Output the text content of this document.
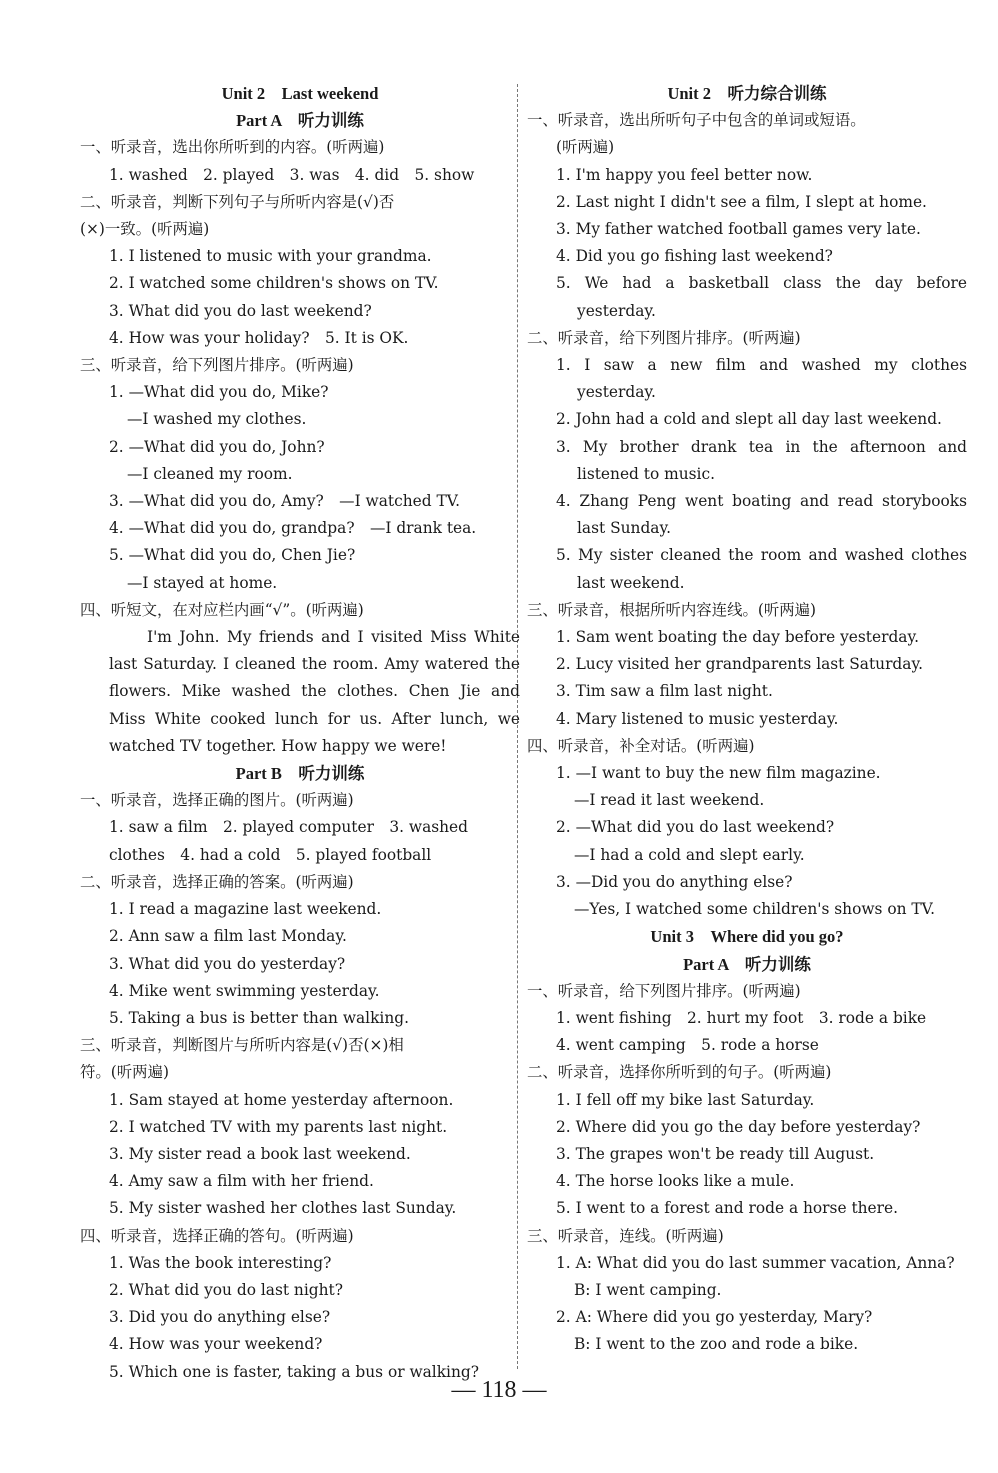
Unit 2　Last weekend
Part A　听力训练
一、听录音，选出你所听到的内容。(听两遍)
1. washed　2. played　3. was　4. did　5. show
二、听录音，判断下列句子与所听内容是(√)否
(×)一致。(听两遍)
1. I listened to music with your grandma.
2. I watched some children's shows on TV.
3. What did you do last weekend?
4. How was your holiday?　5. It is OK.
三、听录音，给下列图片排序。(听两遍)
1. —What did you do, Mike?
—I washed my clothes.
2. —What did you do, John?
—I cleaned my room.
3. —What did you do, Amy?　—I watched TV.
4. —What did you do, grandpa?　—I drank tea.
5. —What did you do, Chen Jie?
—I stayed at home.
四、听短文，在对应栏内画“√”。(听两遍)
I'm John. My friends and I visited Miss White last Saturday. I cleaned the room. Amy watered the flowers. Mike washed the clothes. Chen Jie and Miss White cooked lunch for us. After lunch, we watched TV together. How happy we were!
Part B　听力训练
一、听录音，选择正确的图片。(听两遍)
1. saw a film　2. played computer　3. washed
clothes　4. had a cold　5. played football
二、听录音，选择正确的答案。(听两遍)
1. I read a magazine last weekend.
2. Ann saw a film last Monday.
3. What did you do yesterday?
4. Mike went swimming yesterday.
5. Taking a bus is better than walking.
三、听录音，判断图片与所听内容是(√)否(×)相
符。(听两遍)
1. Sam stayed at home yesterday afternoon.
2. I watched TV with my parents last night.
3. My sister read a book last weekend.
4. Amy saw a film with her friend.
5. My sister washed her clothes last Sunday.
四、听录音，选择正确的答句。(听两遍)
1. Was the book interesting?
2. What did you do last night?
3. Did you do anything else?
4. How was your weekend?
5. Which one is faster, taking a bus or walking?
Unit 2　听力综合训练
一、听录音，选出所听句子中包含的单词或短语。
(听两遍)
1. I'm happy you feel better now.
2. Last night I didn't see a film, I slept at home.
3. My father watched football games very late.
4. Did you go fishing last weekend?
5. We had a basketball class the day before
yesterday.
二、听录音，给下列图片排序。(听两遍)
1. I saw a new film and washed my clothes
yesterday.
2. John had a cold and slept all day last weekend.
3. My brother drank tea in the afternoon and
listened to music.
4. Zhang Peng went boating and read storybooks
last Sunday.
5. My sister cleaned the room and washed clothes
last weekend.
三、听录音，根据所听内容连线。(听两遍)
1. Sam went boating the day before yesterday.
2. Lucy visited her grandparents last Saturday.
3. Tim saw a film last night.
4. Mary listened to music yesterday.
四、听录音，补全对话。(听两遍)
1. —I want to buy the new film magazine.
—I read it last weekend.
2. —What did you do last weekend?
—I had a cold and slept early.
3. —Did you do anything else?
—Yes, I watched some children's shows on TV.
Unit 3　Where did you go?
Part A　听力训练
一、听录音，给下列图片排序。(听两遍)
1. went fishing　2. hurt my foot　3. rode a bike
4. went camping　5. rode a horse
二、听录音，选择你所听到的句子。(听两遍)
1. I fell off my bike last Saturday.
2. Where did you go the day before yesterday?
3. The grapes won't be ready till August.
4. The horse looks like a mule.
5. I went to a forest and rode a horse there.
三、听录音，连线。(听两遍)
1. A: What did you do last summer vacation, Anna?
B: I went camping.
2. A: Where did you go yesterday, Mary?
B: I went to the zoo and rode a bike.
— 118 —
